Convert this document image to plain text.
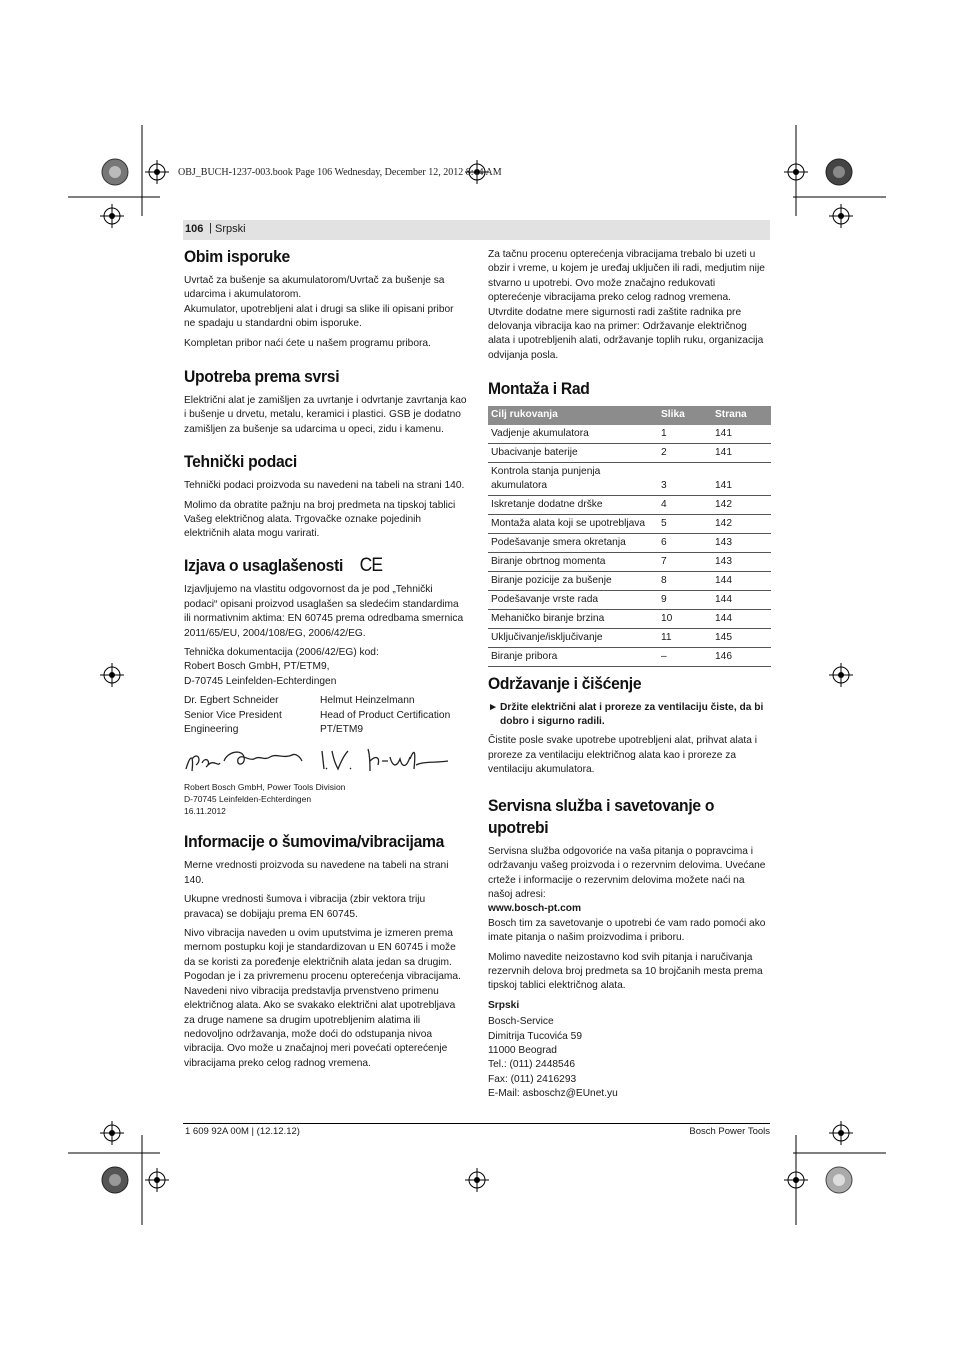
OBJ_BUCH-1237-003.book Page 106 Wednesday, December 12, 2012 8:44 AM
106 | Srpski
Obim isporuke

Uvrtač za bušenje sa akumulatorom/Uvrtač za bušenje sa udarcima i akumulatorom.

Akumulator, upotrebljeni alat i drugi sa slike ili opisani pribor ne spadaju u standardni obim isporuke.

Kompletan pribor naći ćete u našem programu pribora.

Upotreba prema svrsi

Električni alat je zamišljen za uvrtanje i odvrtanje zavrtanja kao i bušenje u drvetu, metalu, keramici i plastici. GSB je dodatno zamišljen za bušenje sa udarcima u opeci, zidu i kamenu.

Tehnički podaci

Tehnički podaci proizvoda su navedeni na tabeli na strani 140.

Molimo da obratite pažnju na broj predmeta na tipskoj tablici Vašeg električnog alata. Trgovačke oznake pojedinih električnih alata mogu varirati.

Izjava o usaglašenosti CE

Izjavljujemo na vlastitu odgovornost da je pod „Tehnički podaci“ opisani proizvod usaglašen sa sledećim standardima ili normativnim aktima: EN 60745 prema odredbama smernica 2011/65/EU, 2004/108/EG, 2006/42/EG.

Tehnička dokumentacija (2006/42/EG) kod:
Robert Bosch GmbH, PT/ETM9,
D-70745 Leinfelden-Echterdingen
Dr. Egbert Schneider
Senior Vice President
Engineering
Helmut Heinzelmann
Head of Product Certification
PT/ETM9
Robert Bosch GmbH, Power Tools Division
D-70745 Leinfelden-Echterdingen
16.11.2012
Informacije o šumovima/vibracijama

Merne vrednosti proizvoda su navedene na tabeli na strani 140.

Ukupne vrednosti šumova i vibracija (zbir vektora triju pravaca) se dobijaju prema EN 60745.

Nivo vibracija naveden u ovim uputstvima je izmeren prema mernom postupku koji je standardizovan u EN 60745 i može da se koristi za poređenje električnih alata jedan sa drugim. Pogodan je i za privremenu procenu opterećenja vibracijama.

Navedeni nivo vibracija predstavlja prvenstveno primenu električnog alata. Ako se svakako električni alat upotrebljava za druge namene sa drugim upotrebljenim alatima ili nedovoljno održavanja, može doći do odstupanja nivoa vibracija. Ovo može u značajnoj meri povećati opterećenje vibracijama preko celog radnog vremena.

Za tačnu procenu opterećenja vibracijama trebalo bi uzeti u obzir i vreme, u kojem je uređaj uključen ili radi, medjutim nije stvarno u upotrebi. Ovo može značajno redukovati opterećenje vibracijama preko celog radnog vremena.

Utvrdite dodatne mere sigurnosti radi zaštite radnika pre delovanja vibracija kao na primer: Održavanje električnog alata i upotrebljenih alati, održavanje toplih ruku, organizacija odvijanja posla.

Montaža i Rad
Cilj rukovanja	Slika	Strana
Vadjenje akumulatora	1	141
Ubacivanje baterije	2	141
Kontrola stanja punjenja akumulatora	3	141
Iskretanje dodatne drške	4	142
Montaža alata koji se upotrebljava	5	142
Podešavanje smera okretanja	6	143
Biranje obrtnog momenta	7	143
Biranje pozicije za bušenje	8	144
Podešavanje vrste rada	9	144
Mehaničko biranje brzina	10	144
Uključivanje/isključivanje	11	145
Biranje pribora	–	146
Održavanje i čišćenje
► Držite električni alat i proreze za ventilaciju čiste, da bi dobro i sigurno radili.

Čistite posle svake upotrebe upotrebljeni alat, prihvat alata i proreze za ventilaciju električnog alata kao i proreze za ventilaciju akumulatora.

Servisna služba i savetovanje o
upotrebi

Servisna služba odgovoriće na vaša pitanja o popravcima i održavanju vašeg proizvoda i o rezervnim delovima. Uvećane crteže i informacije o rezervnim delovima možete naći na našoj adresi:

www.bosch-pt.com

Bosch tim za savetovanje o upotrebi će vam rado pomoći ako imate pitanja o našim proizvodima i priboru.

Molimo navedite neizostavno kod svih pitanja i naručivanja rezervnih delova broj predmeta sa 10 brojčanih mesta prema tipskoj tablici električnog alata.

Srpski
Bosch-Service
Dimitrija Tucovića 59
11000 Beograd
Tel.: (011) 2448546
Fax: (011) 2416293
E-Mail: asboschz@EUnet.yu
1 609 92A 00M | (12.12.12)	Bosch Power Tools
